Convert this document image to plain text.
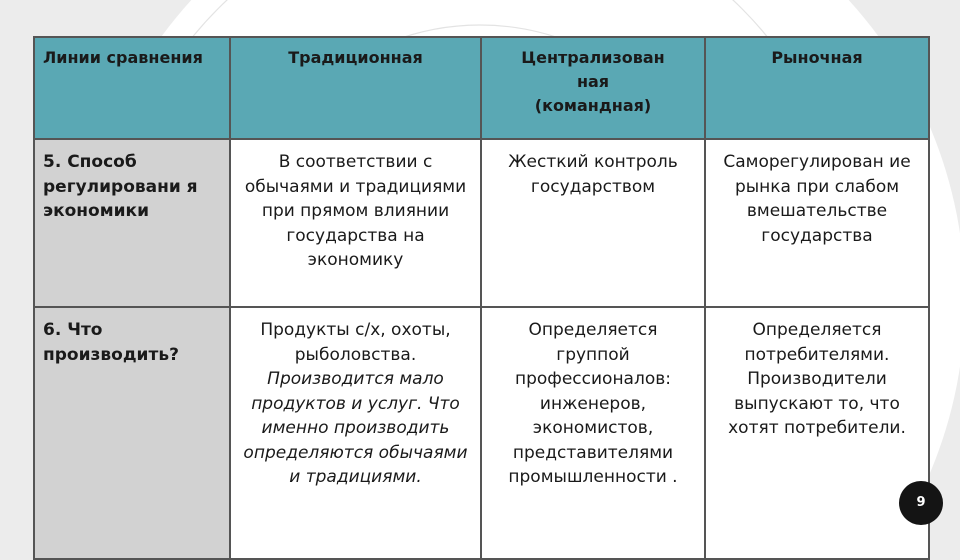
Линии сравнения	Традиционная	Централизован
ная
(командная)	Рыночная
5. Способ регулировани я экономики	В соответствии с обычаями и традициями при прямом влиянии государства на экономику	Жесткий контроль государством	Саморегулирован ие рынка при слабом вмешательстве государства
6. Что производить?	Продукты с/х, охоты, рыболовства. Производится мало продуктов и услуг. Что именно производить определяются обычаями и традициями.	Определяется группой профессионалов: инженеров, экономистов, представителями промышленности .	Определяется потребителями. Производители выпускают то, что хотят потребители.
9
